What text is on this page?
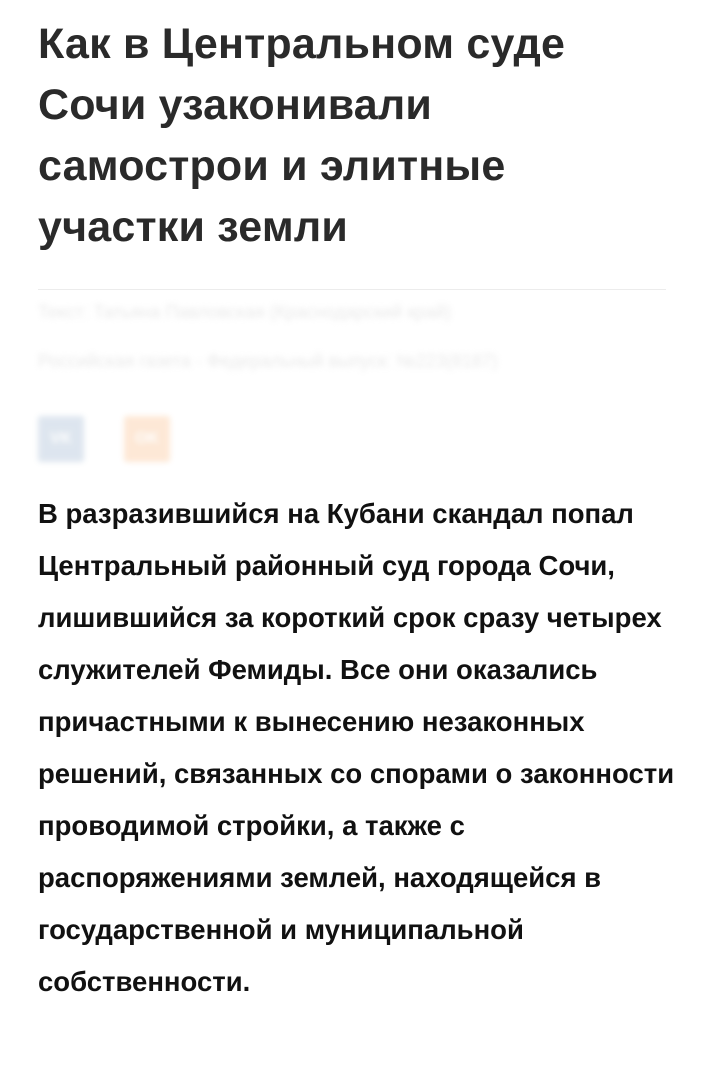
Как в Центральном суде Сочи узаконивали самострои и элитные участки земли
Текст: Татьяна Павловская (Краснодарский край)
Российская газета - Федеральный выпуск: №223(8187)
VK	OK

В разразившийся на Кубани скандал попал Центральный районный суд города Сочи, лишившийся за короткий срок сразу четырех служителей Фемиды. Все они оказались причастными к вынесению незаконных решений, связанных со спорами о законности проводимой стройки, а также с распоряжениями землей, находящейся в государственной и муниципальной собственности.
